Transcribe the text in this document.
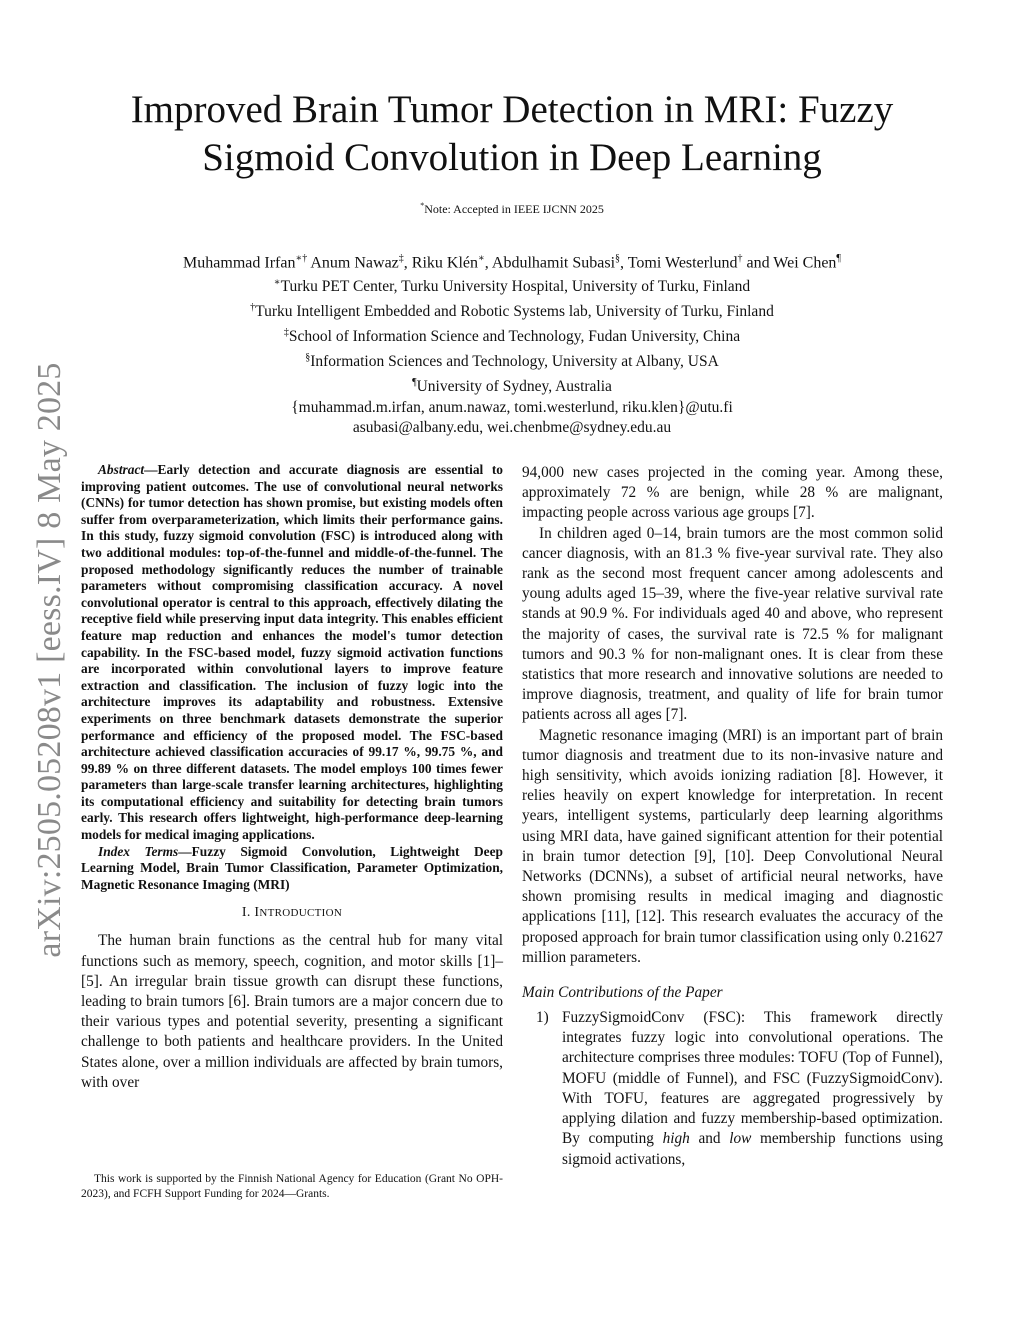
arXiv:2505.05208v1 [eess.IV] 8 May 2025
Improved Brain Tumor Detection in MRI: Fuzzy
Sigmoid Convolution in Deep Learning
*Note: Accepted in IEEE IJCNN 2025
Muhammad Irfan∗† Anum Nawaz‡, Riku Klén∗, Abdulhamit Subasi§, Tomi Westerlund† and Wei Chen¶
∗Turku PET Center, Turku University Hospital, University of Turku, Finland
†Turku Intelligent Embedded and Robotic Systems lab, University of Turku, Finland
‡School of Information Science and Technology, Fudan University, China
§Information Sciences and Technology, University at Albany, USA
¶University of Sydney, Australia
{muhammad.m.irfan, anum.nawaz, tomi.westerlund, riku.klen}@utu.fi
asubasi@albany.edu, wei.chenbme@sydney.edu.au

Abstract—Early detection and accurate diagnosis are essential to improving patient outcomes. The use of convolutional neural networks (CNNs) for tumor detection has shown promise, but existing models often suffer from overparameterization, which limits their performance gains. In this study, fuzzy sigmoid convolution (FSC) is introduced along with two additional modules: top-of-the-funnel and middle-of-the-funnel. The proposed methodology significantly reduces the number of trainable parameters without compromising classification accuracy. A novel convolutional operator is central to this approach, effectively dilating the receptive field while preserving input data integrity. This enables efficient feature map reduction and enhances the model's tumor detection capability. In the FSC-based model, fuzzy sigmoid activation functions are incorporated within convolutional layers to improve feature extraction and classification. The inclusion of fuzzy logic into the architecture improves its adaptability and robustness. Extensive experiments on three benchmark datasets demonstrate the superior performance and efficiency of the proposed model. The FSC-based architecture achieved classification accuracies of 99.17 %, 99.75 %, and 99.89 % on three different datasets. The model employs 100 times fewer parameters than large-scale transfer learning architectures, highlighting its computational efficiency and suitability for detecting brain tumors early. This research offers lightweight, high-performance deep-learning models for medical imaging applications.

Index Terms—Fuzzy Sigmoid Convolution, Lightweight Deep Learning Model, Brain Tumor Classification, Parameter Optimization, Magnetic Resonance Imaging (MRI)

I. INTRODUCTION

The human brain functions as the central hub for many vital functions such as memory, speech, cognition, and motor skills [1]–[5]. An irregular brain tissue growth can disrupt these functions, leading to brain tumors [6]. Brain tumors are a major concern due to their various types and potential severity, presenting a significant challenge to both patients and healthcare providers. In the United States alone, over a million individuals are affected by brain tumors, with over

This work is supported by the Finnish National Agency for Education (Grant No OPH-2023), and FCFH Support Funding for 2024—Grants.

94,000 new cases projected in the coming year. Among these, approximately 72 % are benign, while 28 % are malignant, impacting people across various age groups [7].

In children aged 0–14, brain tumors are the most common solid cancer diagnosis, with an 81.3 % five-year survival rate. They also rank as the second most frequent cancer among adolescents and young adults aged 15–39, where the five-year relative survival rate stands at 90.9 %. For individuals aged 40 and above, who represent the majority of cases, the survival rate is 72.5 % for malignant tumors and 90.3 % for non-malignant ones. It is clear from these statistics that more research and innovative solutions are needed to improve diagnosis, treatment, and quality of life for brain tumor patients across all ages [7].

Magnetic resonance imaging (MRI) is an important part of brain tumor diagnosis and treatment due to its non-invasive nature and high sensitivity, which avoids ionizing radiation [8]. However, it relies heavily on expert knowledge for interpretation. In recent years, intelligent systems, particularly deep learning algorithms using MRI data, have gained significant attention for their potential in brain tumor detection [9], [10]. Deep Convolutional Neural Networks (DCNNs), a subset of artificial neural networks, have shown promising results in medical imaging and diagnostic applications [11], [12]. This research evaluates the accuracy of the proposed approach for brain tumor classification using only 0.21627 million parameters.

Main Contributions of the Paper
1) FuzzySigmoidConv (FSC): This framework directly integrates fuzzy logic into convolutional operations. The architecture comprises three modules: TOFU (Top of Funnel), MOFU (middle of Funnel), and FSC (FuzzySigmoidConv). With TOFU, features are aggregated progressively by applying dilation and fuzzy membership-based optimization. By computing high and low membership functions using sigmoid activations,
